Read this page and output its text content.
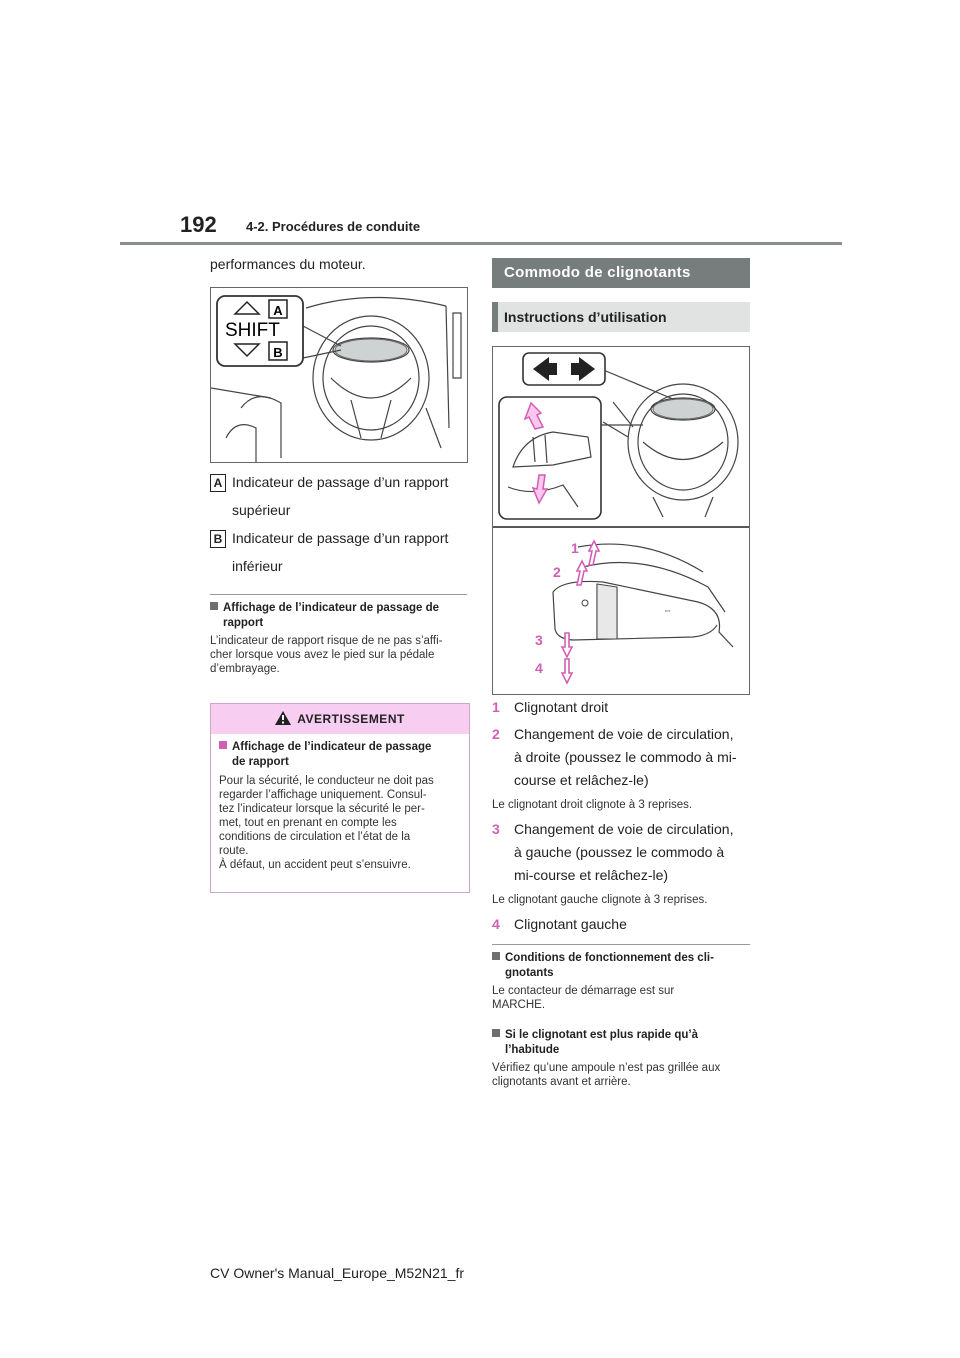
192 4-2. Procédures de conduite
performances du moteur.
A
B
SHIFT
A Indicateur de passage d’un rapport
supérieur
B Indicateur de passage d’un rapport
inférieur
Affichage de l’indicateur de passage de
rapport
L’indicateur de rapport risque de ne pas s’affi-
cher lorsque vous avez le pied sur la pédale
d’embrayage.
AVERTISSEMENT
Affichage de l’indicateur de passage
de rapport
Pour la sécurité, le conducteur ne doit pas
regarder l’affichage uniquement. Consul-
tez l’indicateur lorsque la sécurité le per-
met, tout en prenant en compte les
conditions de circulation et l’état de la
route.
À défaut, un accident peut s’ensuivre.
Commodo de clignotants
Instructions d’utilisation
⇔
1
2
3
4
1 Clignotant droit
2 Changement de voie de circulation,
à droite (poussez le commodo à mi-
course et relâchez-le)
Le clignotant droit clignote à 3 reprises.
3 Changement de voie de circulation,
à gauche (poussez le commodo à
mi-course et relâchez-le)
Le clignotant gauche clignote à 3 reprises.
4 Clignotant gauche
Conditions de fonctionnement des cli-
gnotants
Le contacteur de démarrage est sur
MARCHE.
Si le clignotant est plus rapide qu’à
l’habitude
Vérifiez qu’une ampoule n’est pas grillée aux
clignotants avant et arrière.
CV Owner's Manual_Europe_M52N21_fr
